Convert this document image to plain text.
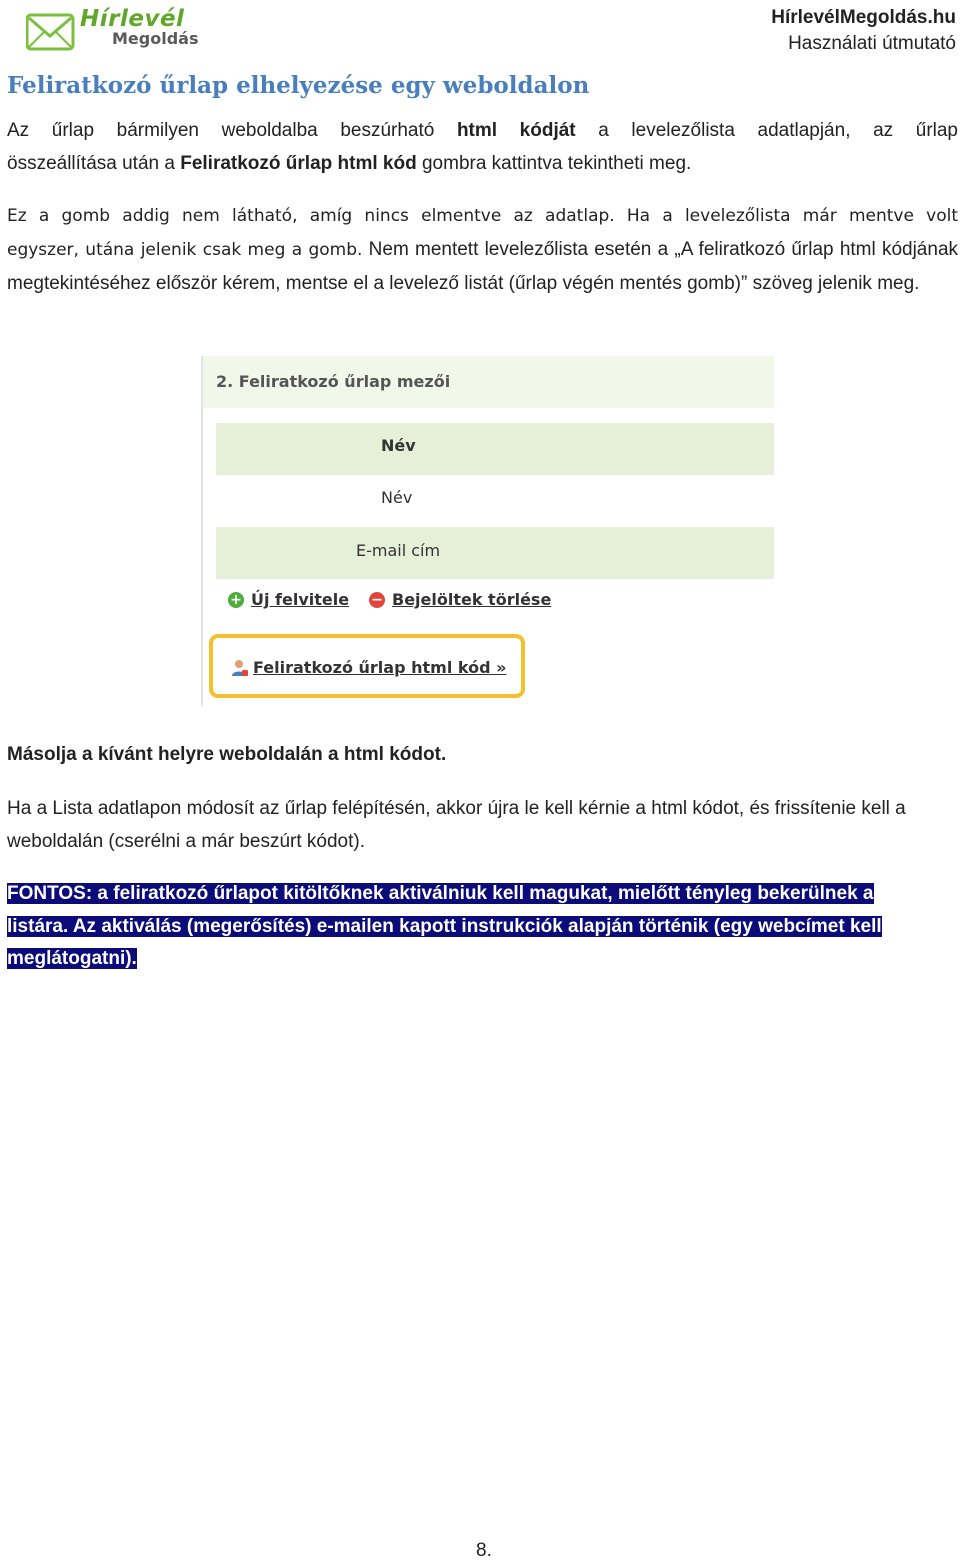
Hírlevél
Megoldás
HírlevélMegoldás.hu
Használati útmutató
Feliratkozó űrlap elhelyezése egy weboldalon
Az űrlap bármilyen weboldalba beszúrható html kódját a levelezőlista adatlapján, az űrlap
összeállítása után a Feliratkozó űrlap html kód gombra kattintva tekintheti meg.
Ez a gomb addig nem látható, amíg nincs elmentve az adatlap. Ha a levelezőlista már mentve volt
egyszer, utána jelenik csak meg a gomb. Nem mentett levelezőlista esetén a „A feliratkozó űrlap html kódjának megtekintéséhez először kérem, mentse el a levelező listát (űrlap végén mentés gomb)” szöveg jelenik meg.
2. Feliratkozó űrlap mezői
Név
Név
E-mail cím
+ Új felvitele − Bejelöltek törlése
Feliratkozó űrlap html kód »

Másolja a kívánt helyre weboldalán a html kódot.

Ha a Lista adatlapon módosít az űrlap felépítésén, akkor újra le kell kérnie a html kódot, és frissítenie kell a weboldalán (cserélni a már beszúrt kódot).

FONTOS: a feliratkozó űrlapot kitöltőknek aktiválniuk kell magukat, mielőtt tényleg bekerülnek a
listára. Az aktiválás (megerősítés) e-mailen kapott instrukciók alapján történik (egy webcímet kell
meglátogatni).

8.
